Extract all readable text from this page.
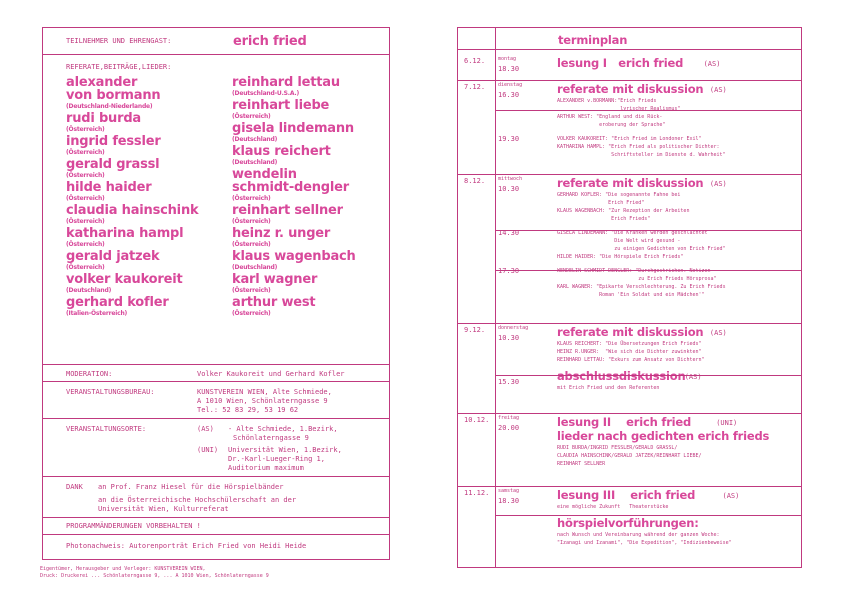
TEILNEHMER UND EHRENGAST:	erich fried
REFERATE,BEITRÄGE,LIEDER:
alexander
von bormann
(Deutschland-Niederlande)
rudi burda
(Österreich)
ingrid fessler
(Österreich)
gerald grassl
(Österreich)
hilde haider
(Österreich)
claudia hainschink
(Österreich)
katharina hampl
(Österreich)
gerald jatzek
(Österreich)
volker kaukoreit
(Deutschland)
gerhard kofler
(Italien-Österreich)
reinhard lettau
(Deutschland-U.S.A.)
reinhart liebe
(Österreich)
gisela lindemann
(Deutschland)
klaus reichert
(Deutschland)
wendelin
schmidt-dengler
(Österreich)
reinhart sellner
(Österreich)
heinz r. unger
(Österreich)
klaus wagenbach
(Deutschland)
karl wagner
(Österreich)
arthur west
(Österreich)
MODERATION:	Volker Kaukoreit und Gerhard Kofler
VERANSTALTUNGSBUREAU:	KUNSTVEREIN WIEN, Alte Schmiede,
A 1010 Wien, Schönlaterngasse 9
Tel.: 52 83 29, 53 19 62
VERANSTALTUNGSORTE:	(AS) - Alte Schmiede, 1.Bezirk,
Schönlaterngasse 9
(UNI) Universität Wien, 1.Bezirk,
Dr.-Karl-Lueger-Ring 1,
Auditorium maximum
DANK an Prof. Franz Hiesel für die Hörspielbänder
an die Österreichische Hochschülerschaft an der
Universität Wien, Kulturreferat
PROGRAMMÄNDERUNGEN VORBEHALTEN !
Photonachweis: Autorenporträt Erich Fried von Heidi Heide
Eigentümer, Herausgeber und Verleger: KUNSTVEREIN WIEN,
Druck: Druckerei ... Schönlaterngasse 9, ... A 1010 Wien, Schönlaterngasse 9
terminplan
6.12.	montag
18.30	lesung I   erich fried	(AS)
7.12.	dienstag
16.30	referate mit diskussion (AS)
ALEXANDER v.BORMANN:"Erich Frieds
lyrischer Realismus"
ARTHUR WEST: "England und die Rück-
eroberung der Sprache"
19.30	VOLKER KAUKOREIT: "Erich Fried im Londoner Exil"
KATHARINA HAMPL: "Erich Fried als politischer Dichter:
Schriftsteller im Dienste d. Wahrheit"
8.12.	mittwoch
10.30	referate mit diskussion (AS)
GERHARD KOFLER: "Die sogenannte Fahne bei
Erich Fried"
KLAUS WAGENBACH: "Zur Rezeption der Arbeiten
Erich Frieds"
14.30	GISELA LINDEMANN: "Die Kranken werden geschlachtet
Die Welt wird gesund -
zu einigen Gedichten von Erich Fried"
HILDE HAIDER: "Die Hörspiele Erich Frieds"
17.30	WENDELIN SCHMIDT-DENGLER: "Durchgestrichen. Notizen
zu Erich Frieds Hörsprosa"
KARL WAGNER: "Epikarte Verschlechterung. Zu Erich Frieds
Roman 'Ein Soldat und ein Mädchen'"
9.12.	donnerstag
10.30	referate mit diskussion (AS)
KLAUS REICHERT: "Die Übersetzungen Erich Frieds"
HEINZ R.UNGER:  "Wie sich die Dichter zuwinkten"
REINHARD LETTAU: "Exkurs zum Ansatz von Dichtern"
15.30	abschlussdiskussion (AS)
mit Erich Fried und den Referenten
10.12. freitag
20.00	lesung II    erich fried	(UNI)
lieder nach gedichten erich frieds
RUDI BURDA/INGRID FESSLER/GERALD GRASSL/
CLAUDIA HAINSCHINK/GERALD JATZEK/REINHART LIEBE/
REINHART SELLNER
11.12. samstag
18.30	lesung III    erich fried	(AS)
eine mögliche Zukunft   Theaterstücke
hörspielvorführungen:
nach Wunsch und Vereinbarung während der ganzen Woche:
"Izanagi und Izanami", "Die Expedition", "Indizienbeweise"
